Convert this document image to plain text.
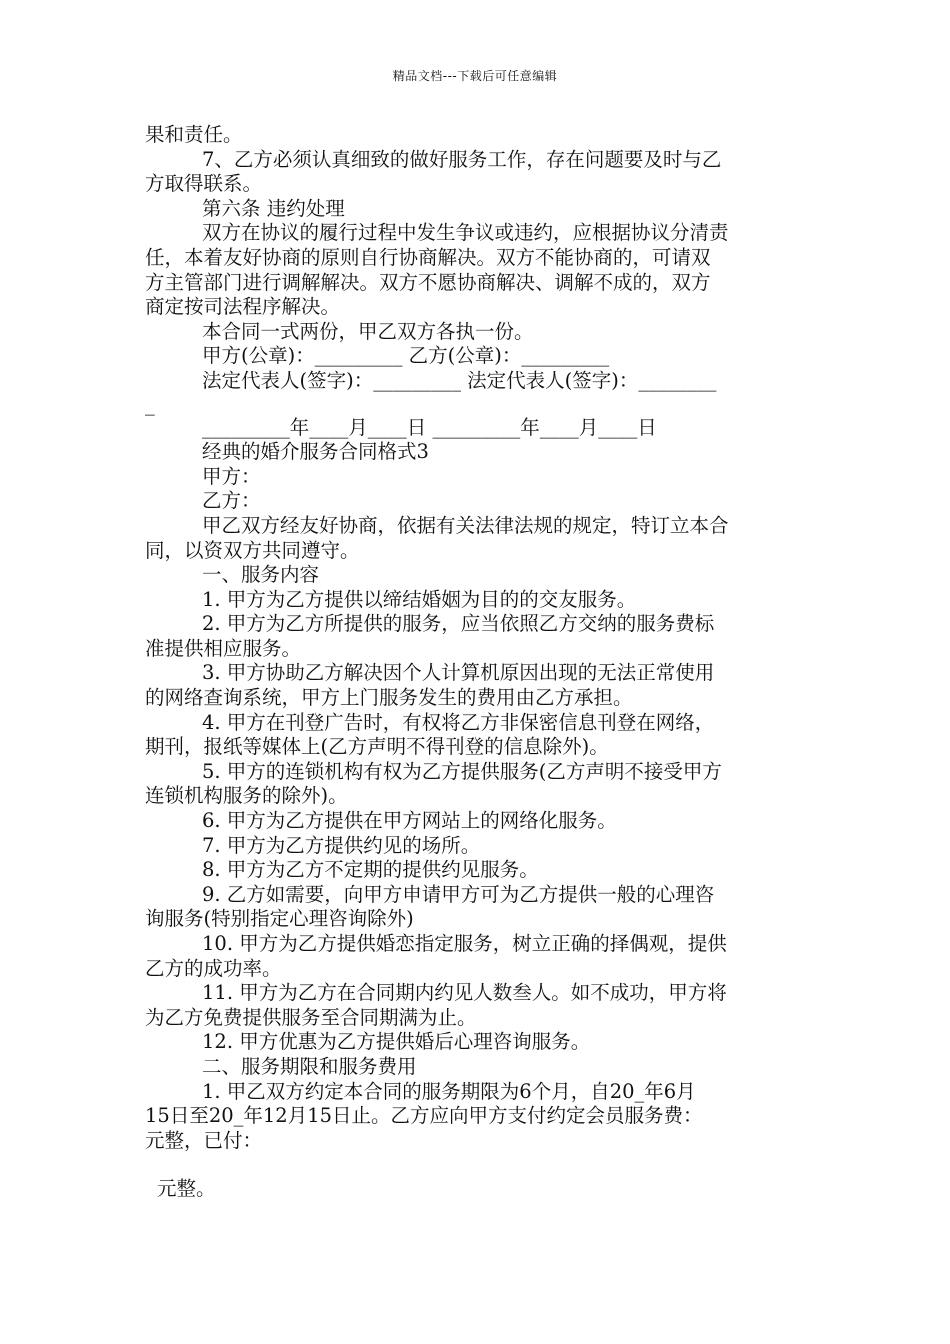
精品文档---下载后可任意编辑
果和责任。
7、乙方必须认真细致的做好服务工作，存在问题要及时与乙
方取得联系。
第六条 违约处理
双方在协议的履行过程中发生争议或违约，应根据协议分清责
任，本着友好协商的原则自行协商解决。双方不能协商的，可请双
方主管部门进行调解解决。双方不愿协商解决、调解不成的，双方
商定按司法程序解决。
本合同一式两份，甲乙双方各执一份。
甲方(公章)：_________ 乙方(公章)：_________
法定代表人(签字)：_________ 法定代表人(签字)：________
_
_________年____月____日 _________年____月____日
经典的婚介服务合同格式3
甲方：
乙方：
甲乙双方经友好协商，依据有关法律法规的规定，特订立本合
同，以资双方共同遵守。
一、服务内容
1. 甲方为乙方提供以缔结婚姻为目的的交友服务。
2. 甲方为乙方所提供的服务，应当依照乙方交纳的服务费标
准提供相应服务。
3. 甲方协助乙方解决因个人计算机原因出现的无法正常使用
的网络查询系统，甲方上门服务发生的费用由乙方承担。
4. 甲方在刊登广告时，有权将乙方非保密信息刊登在网络，
期刊，报纸等媒体上(乙方声明不得刊登的信息除外)。
5. 甲方的连锁机构有权为乙方提供服务(乙方声明不接受甲方
连锁机构服务的除外)。
6. 甲方为乙方提供在甲方网站上的网络化服务。
7. 甲方为乙方提供约见的场所。
8. 甲方为乙方不定期的提供约见服务。
9. 乙方如需要，向甲方申请甲方可为乙方提供一般的心理咨
询服务(特别指定心理咨询除外)
10. 甲方为乙方提供婚恋指定服务，树立正确的择偶观，提供
乙方的成功率。
11. 甲方为乙方在合同期内约见人数叁人。如不成功，甲方将
为乙方免费提供服务至合同期满为止。
12. 甲方优惠为乙方提供婚后心理咨询服务。
二、服务期限和服务费用
1. 甲乙双方约定本合同的服务期限为6个月，自20_年6月
15日至20_年12月15日止。乙方应向甲方支付约定会员服务费：
元整，已付：
元整。
